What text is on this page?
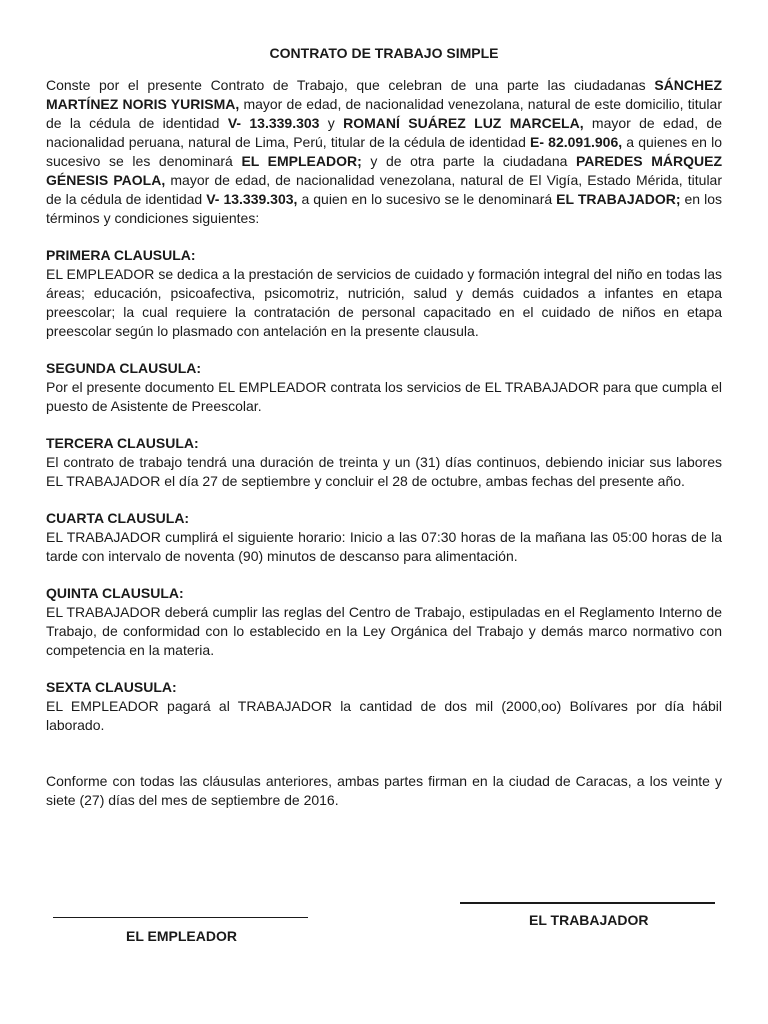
CONTRATO DE TRABAJO SIMPLE

Conste por el presente Contrato de Trabajo, que celebran de una parte las ciudadanas SÁNCHEZ MARTÍNEZ NORIS YURISMA, mayor de edad, de nacionalidad venezolana, natural de este domicilio, titular de la cédula de identidad V- 13.339.303 y ROMANÍ SUÁREZ LUZ MARCELA, mayor de edad, de nacionalidad peruana, natural de Lima, Perú, titular de la cédula de identidad E- 82.091.906, a quienes en lo sucesivo se les denominará EL EMPLEADOR; y de otra parte la ciudadana PAREDES MÁRQUEZ GÉNESIS PAOLA, mayor de edad, de nacionalidad venezolana, natural de El Vigía, Estado Mérida, titular de la cédula de identidad V- 13.339.303, a quien en lo sucesivo se le denominará EL TRABAJADOR; en los términos y condiciones siguientes:

PRIMERA CLAUSULA:

EL EMPLEADOR se dedica a la prestación de servicios de cuidado y formación integral del niño en todas las áreas; educación, psicoafectiva, psicomotriz, nutrición, salud y demás cuidados a infantes en etapa preescolar; la cual requiere la contratación de personal capacitado en el cuidado de niños en etapa preescolar según lo plasmado con antelación en la presente clausula.

SEGUNDA CLAUSULA:

Por el presente documento EL EMPLEADOR contrata los servicios de EL TRABAJADOR para que cumpla el puesto de Asistente de Preescolar.

TERCERA CLAUSULA:

El contrato de trabajo tendrá una duración de treinta y un (31) días continuos, debiendo iniciar sus labores EL TRABAJADOR el día 27 de septiembre y concluir el 28 de octubre, ambas fechas del presente año.

CUARTA CLAUSULA:

EL TRABAJADOR cumplirá el siguiente horario: Inicio a las 07:30 horas de la mañana las 05:00 horas de la tarde con intervalo de noventa (90) minutos de descanso para alimentación.

QUINTA CLAUSULA:

EL TRABAJADOR deberá cumplir las reglas del Centro de Trabajo, estipuladas en el Reglamento Interno de Trabajo, de conformidad con lo establecido en la Ley Orgánica del Trabajo y demás marco normativo con competencia en la materia.

SEXTA CLAUSULA:

EL EMPLEADOR pagará al TRABAJADOR la cantidad de dos mil (2000,oo) Bolívares por día hábil laborado.

Conforme con todas las cláusulas anteriores, ambas partes firman en la ciudad de Caracas, a los veinte y siete (27) días del mes de septiembre de 2016.

EL EMPLEADOR
EL TRABAJADOR
